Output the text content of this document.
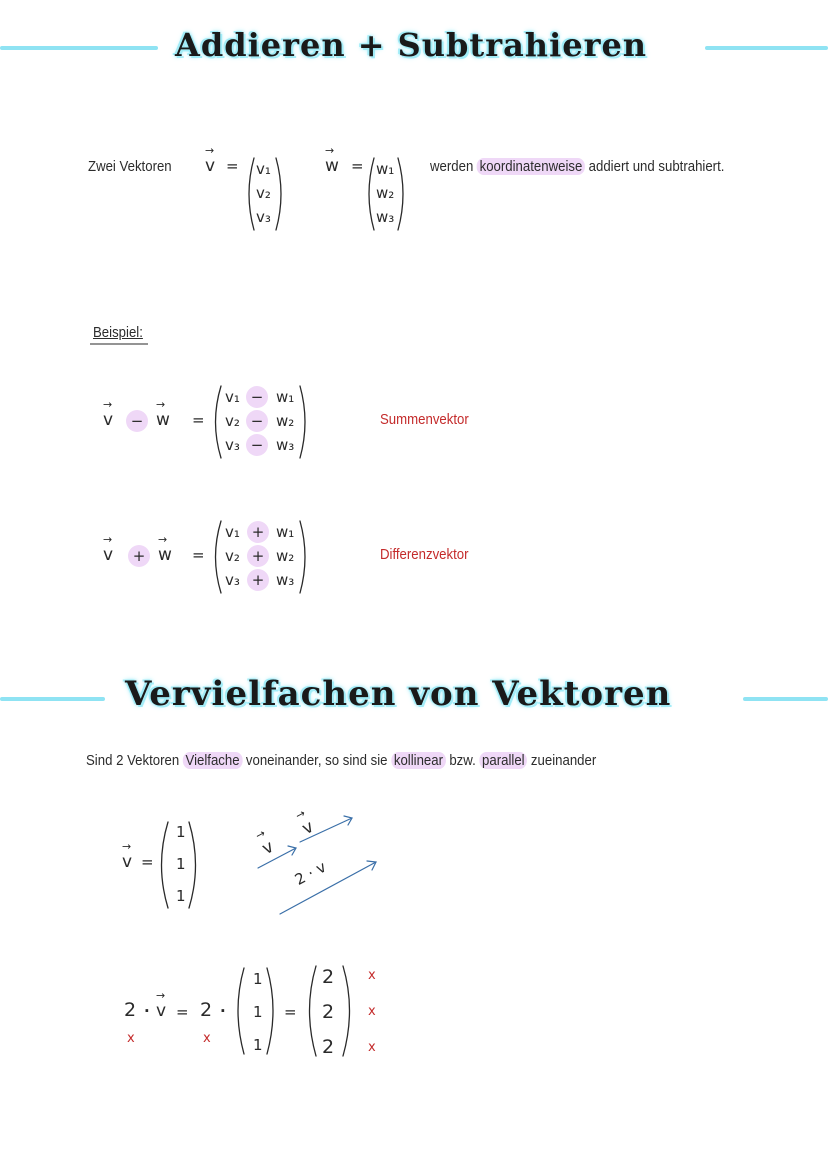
Addieren + Subtrahieren
Zwei Vektoren
→
v = v₁
v₂
v₃
→
w = w₁
w₂
w₃
werden koordinatenweise addiert und subtrahiert.
Beispiel:
→
v	−
→
w =
v₁ − w₁
v₂ − w₂
v₃ − w₃
Summenvektor
→
v	+
→
w =
v₁ + w₁
v₂ + w₂
v₃ + w₃
Differenzvektor
Vervielfachen von Vektoren
Sind 2 Vektoren Vielfache voneinander, so sind sie kollinear bzw. parallel zueinander
→
v =
1
1
1
→
v
→
v
2 · v
2 ·
→
v = 2 ·
1
1
1
=
2
2
2
x	x
x
x
x
